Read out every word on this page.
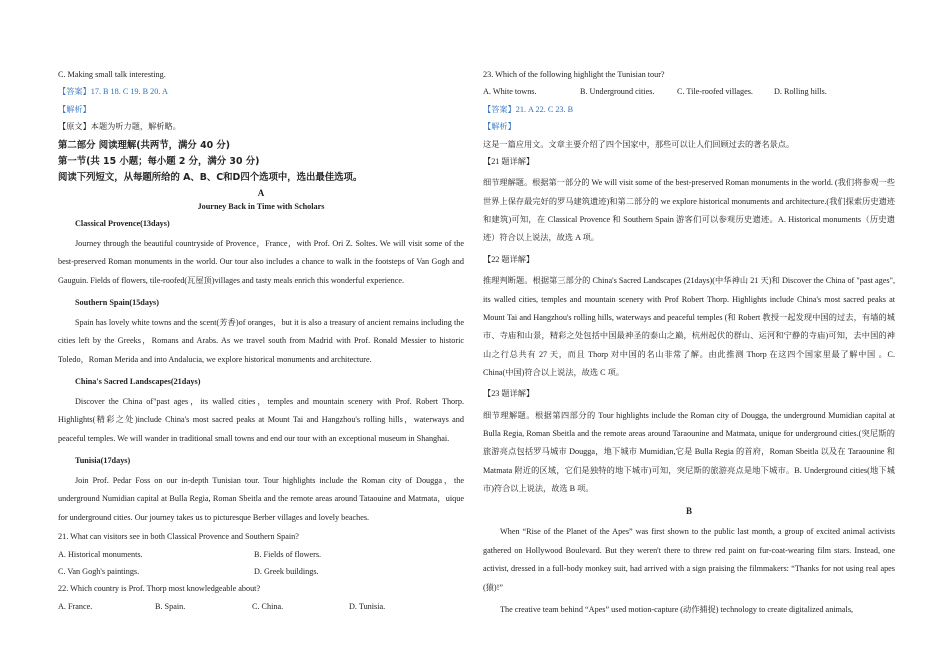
C. Making small talk interesting.

【答案】17. B 18. C 19. B 20. A

【解析】

【原文】本题为听力题，解析略。

第二部分 阅读理解(共两节，满分 40 分)

第一节(共 15 小题；每小题 2 分，满分 30 分)

阅读下列短文，从每题所给的 A、B、C和D四个选项中，选出最佳选项。

A

Journey Back in Time with Scholars

Classical Provence(13days)

Journey through the beautiful countryside of Provence，France，with Prof. Ori Z. Soltes. We will visit some of the best-preserved Roman monuments in the world. Our tour also includes a chance to walk in the footsteps of Van Gogh and Gauguin. Fields of flowers, tile-roofed(瓦屋顶)villages and tasty meals enrich this wonderful experience.

Southern Spain(15days)

Spain has lovely white towns and the scent(芳香)of oranges，but it is also a treasury of ancient remains including the cities left by the Greeks，Romans and Arabs. As we travel south from Madrid with Prof. Ronald Messier to historic Toledo，Roman Merida and into Andalucia, we explore historical monuments and architecture.

China's Sacred Landscapes(21days)

Discover the China of"past ages，its walled cities，temples and mountain scenery with Prof. Robert Thorp. Highlights(精彩之处)include China's most sacred peaks at Mount Tai and Hangzhou's rolling hills，waterways and peaceful temples. We will wander in traditional small towns and end our tour with an exceptional museum in Shanghai.

Tunisia(17days)

Join Prof. Pedar Foss on our in-depth Tunisian tour. Tour highlights include the Roman city of Dougga，the underground Numidian capital at Bulla Regia, Roman Sbeitla and the remote areas around Tataouine and Matmata，uique for underground cities. Our journey takes us to picturesque Berber villages and lovely beaches.

21. What can visitors see in both Classical Provence and Southern Spain?

A. Historical monuments.	B. Fields of flowers.
C. Van Gogh's paintings.	D. Greek buildings.

22. Which country is Prof. Thorp most knowledgeable about?

A. France.	B. Spain.	C. China.	D. Tunisia.

23. Which of the following highlight the Tunisian tour?

A. White towns.	B. Underground cities.	C. Tile-roofed villages.	D. Rolling hills.

【答案】21. A 22. C 23. B

【解析】

这是一篇应用文。文章主要介绍了四个国家中，那些可以让人们回顾过去的著名景点。

【21 题详解】

细节理解题。根据第一部分的 We will visit some of the best-preserved Roman monuments in the world. (我们将参观一些世界上保存最完好的罗马建筑遗迹)和第二部分的 we explore historical monuments and architecture.(我们探索历史遗迹和建筑)可知，在 Classical Provence 和 Southern Spain 游客们可以参观历史遗迹。A. Historical monuments（历史遗迹）符合以上说法，故选 A 项。

【22 题详解】

推理判断题。根据第三部分的 China's Sacred Landscapes (21days)(中华神山 21 天)和 Discover the China of "past ages", its walled cities, temples and mountain scenery with Prof Robert Thorp. Highlights include China's most sacred peaks at Mount Tai and Hangzhou's rolling hills, waterways and peaceful temples (和 Robert 教授一起发现中国的过去，有墙的城市、寺庙和山景，精彩之处包括中国最神圣的泰山之巅，杭州起伏的群山、运河和宁静的寺庙)可知，去中国的神山之行总共有 27 天，而且 Thorp 对中国的名山非常了解。由此推测 Thorp 在这四个国家里最了解中国 。C. China(中国)符合以上说法，故选 C 项。

【23 题详解】

细节理解题。根据第四部分的 Tour highlights include the Roman city of Dougga, the underground Mumidian capital at Bulla Regia, Roman Sbeitla and the remote areas around Taraounine and Matmata, unique for underground cities.(突尼斯的旅游亮点包括罗马城市 Dougga，地下城市 Mumidian,它是 Bulla Regia 的首府，Roman Sbeitla 以及在 Taraounine 和 Matmata 附近的区域，它们是独特的地下城市)可知，突尼斯的旅游亮点是地下城市。B. Underground cities(地下城市)符合以上说法，故选 B 项。

B

When “Rise of the Planet of the Apes” was first shown to the public last month, a group of excited animal activists gathered on Hollywood Boulevard. But they weren't there to threw red paint on fur-coat-wearing film stars. Instead, one activist, dressed in a full-body monkey suit, had arrived with a sign praising the filmmakers: “Thanks for not using real apes (猿)!”

The creative team behind “Apes” used motion-capture (动作捕捉) technology to create digitalized animals,
